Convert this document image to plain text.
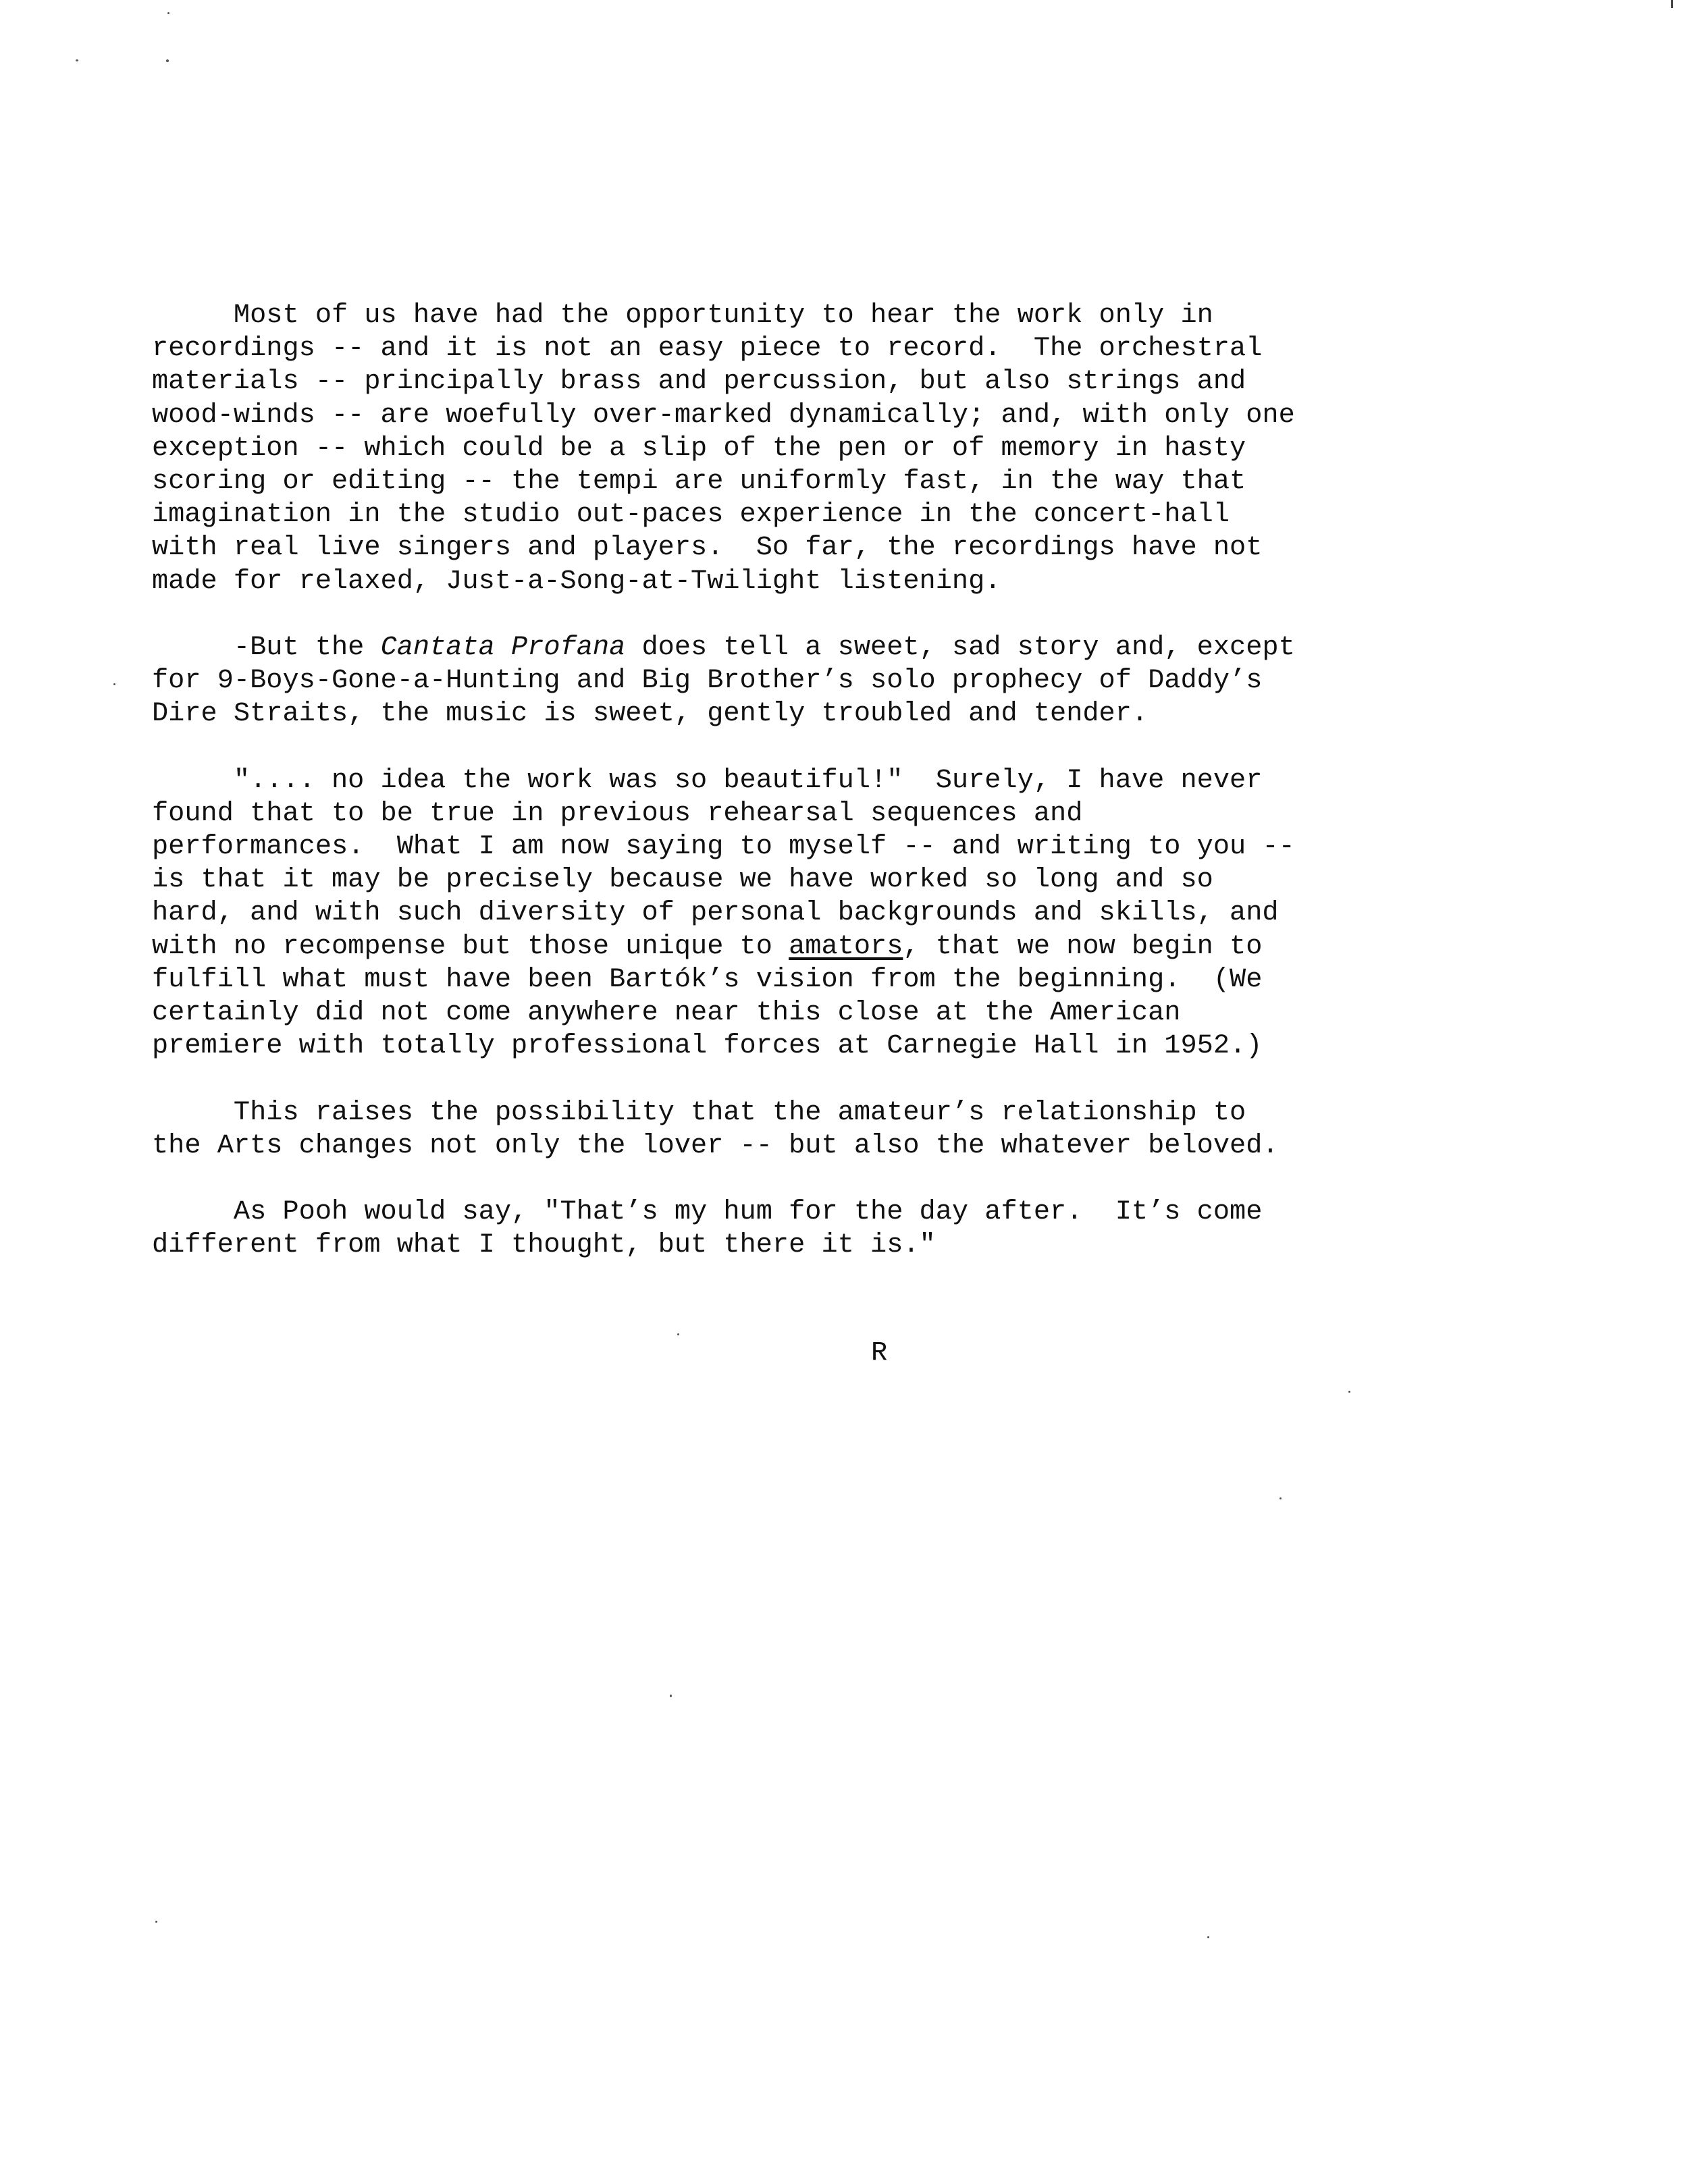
Most of us have had the opportunity to hear the work only in
recordings -- and it is not an easy piece to record.  The orchestral
materials -- principally brass and percussion, but also strings and
wood-winds -- are woefully over-marked dynamically; and, with only one
exception -- which could be a slip of the pen or of memory in hasty
scoring or editing -- the tempi are uniformly fast, in the way that
imagination in the studio out-paces experience in the concert-hall
with real live singers and players.  So far, the recordings have not
made for relaxed, Just-a-Song-at-Twilight listening.
-But the Cantata Profana does tell a sweet, sad story and, except
for 9-Boys-Gone-a-Hunting and Big Brother’s solo prophecy of Daddy’s
Dire Straits, the music is sweet, gently troubled and tender.
".... no idea the work was so beautiful!"  Surely, I have never
found that to be true in previous rehearsal sequences and
performances.  What I am now saying to myself -- and writing to you --
is that it may be precisely because we have worked so long and so
hard, and with such diversity of personal backgrounds and skills, and
with no recompense but those unique to amators, that we now begin to
fulfill what must have been Bartók’s vision from the beginning.  (We
certainly did not come anywhere near this close at the American
premiere with totally professional forces at Carnegie Hall in 1952.)
This raises the possibility that the amateur’s relationship to
the Arts changes not only the lover -- but also the whatever beloved.
As Pooh would say, "That’s my hum for the day after.  It’s come
different from what I thought, but there it is."
R
